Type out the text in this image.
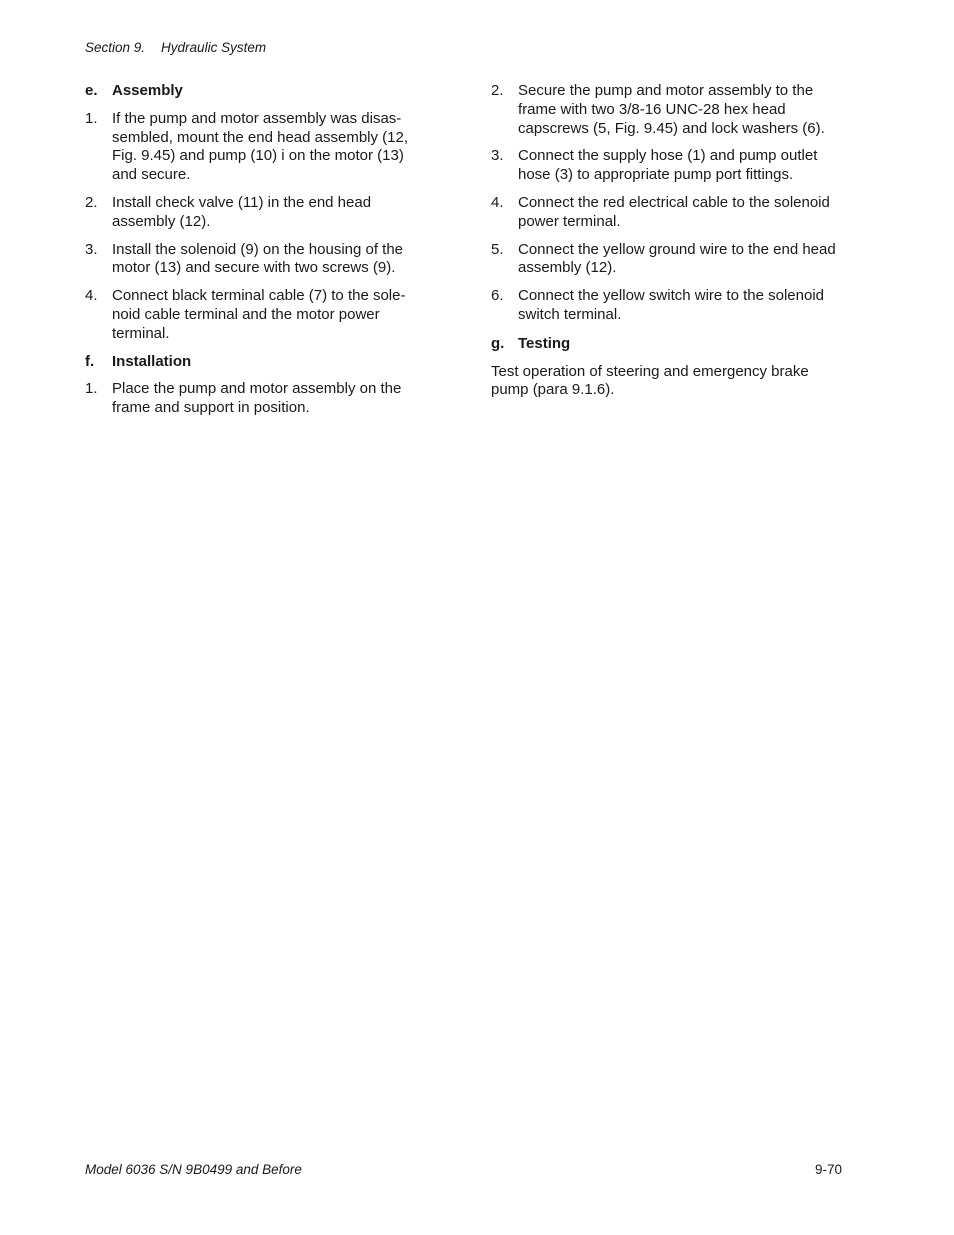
Section 9. Hydraulic System
e. Assembly
1. If the pump and motor assembly was disas-
sembled, mount the end head assembly (12,
Fig. 9.45) and pump (10) i on the motor (13)
and secure.
2. Install check valve (11) in the end head
assembly (12).
3. Install the solenoid (9) on the housing of the
motor (13) and secure with two screws (9).
4. Connect black terminal cable (7) to the sole-
noid cable terminal and the motor power
terminal.
f.	Installation
1. Place the pump and motor assembly on the
frame and support in position.
2. Secure the pump and motor assembly to the
frame with two 3/8-16 UNC-28 hex head
capscrews (5, Fig. 9.45) and lock washers (6).
3. Connect the supply hose (1) and pump outlet
hose (3) to appropriate pump port fittings.
4. Connect the red electrical cable to the solenoid
power terminal.
5. Connect the yellow ground wire to the end head
assembly (12).
6. Connect the yellow switch wire to the solenoid
switch terminal.
g. Testing

Test operation of steering and emergency brake
pump (para 9.1.6).

Model 6036 S/N 9B0499 and Before	9-70
